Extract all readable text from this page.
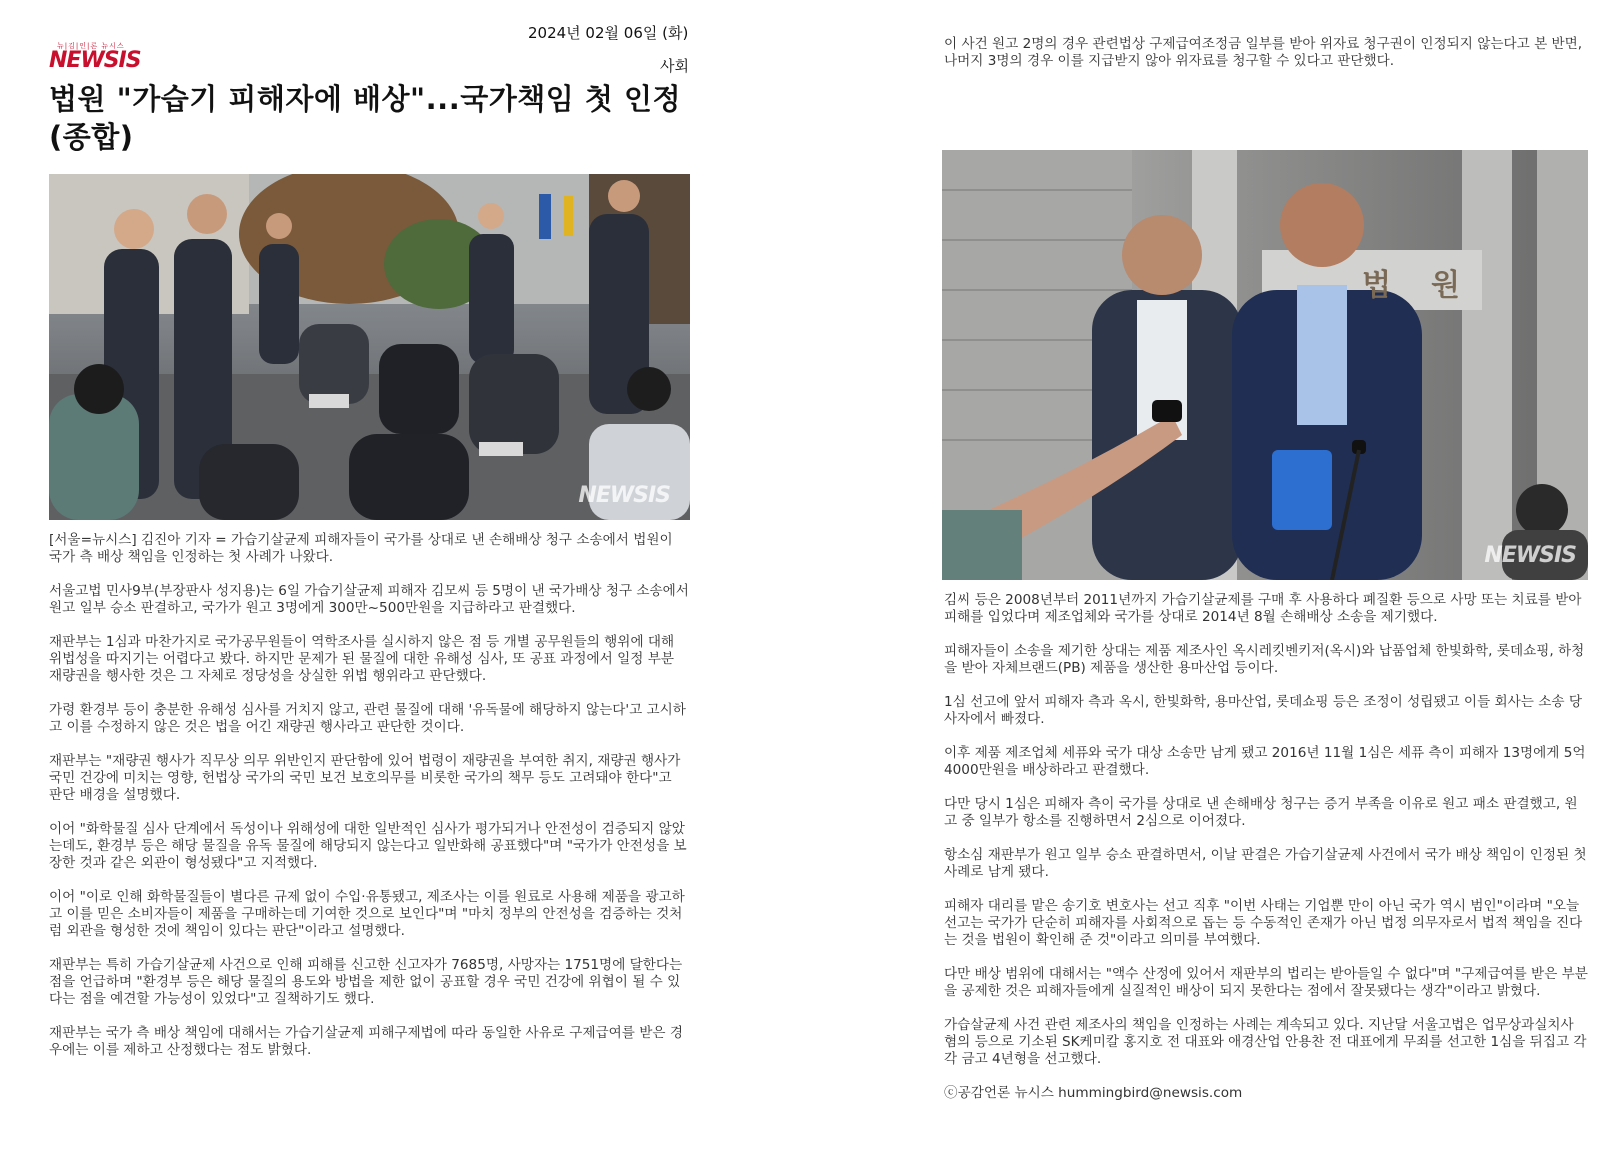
2024년 02월 06일 (화)
사회
뉴|김|인|론 뉴시스
NEWSIS
법원 "가습기 피해자에 배상"...국가책임 첫 인정(종합)
NEWSIS
법원
NEWSIS

[서울=뉴시스] 김진아 기자 = 가습기살균제 피해자들이 국가를 상대로 낸 손해배상 청구 소송에서 법원이 국가 측 배상 책임을 인정하는 첫 사례가 나왔다.

서울고법 민사9부(부장판사 성지용)는 6일 가습기살균제 피해자 김모씨 등 5명이 낸 국가배상 청구 소송에서 원고 일부 승소 판결하고, 국가가 원고 3명에게 300만~500만원을 지급하라고 판결했다.

재판부는 1심과 마찬가지로 국가공무원들이 역학조사를 실시하지 않은 점 등 개별 공무원들의 행위에 대해 위법성을 따지기는 어렵다고 봤다. 하지만 문제가 된 물질에 대한 유해성 심사, 또 공표 과정에서 일정 부분 재량권을 행사한 것은 그 자체로 정당성을 상실한 위법 행위라고 판단했다.

가령 환경부 등이 충분한 유해성 심사를 거치지 않고, 관련 물질에 대해 '유독물에 해당하지 않는다'고 고시하고 이를 수정하지 않은 것은 법을 어긴 재량권 행사라고 판단한 것이다.

재판부는 "재량권 행사가 직무상 의무 위반인지 판단함에 있어 법령이 재량권을 부여한 취지, 재량권 행사가 국민 건강에 미치는 영향, 헌법상 국가의 국민 보건 보호의무를 비롯한 국가의 책무 등도 고려돼야 한다"고 판단 배경을 설명했다.

이어 "화학물질 심사 단계에서 독성이나 위해성에 대한 일반적인 심사가 평가되거나 안전성이 검증되지 않았는데도, 환경부 등은 해당 물질을 유독 물질에 해당되지 않는다고 일반화해 공표했다"며 "국가가 안전성을 보장한 것과 같은 외관이 형성됐다"고 지적했다.

이어 "이로 인해 화학물질들이 별다른 규제 없이 수입·유통됐고, 제조사는 이를 원료로 사용해 제품을 광고하고 이를 믿은 소비자들이 제품을 구매하는데 기여한 것으로 보인다"며 "마치 정부의 안전성을 검증하는 것처럼 외관을 형성한 것에 책임이 있다는 판단"이라고 설명했다.

재판부는 특히 가습기살균제 사건으로 인해 피해를 신고한 신고자가 7685명, 사망자는 1751명에 달한다는 점을 언급하며 "환경부 등은 해당 물질의 용도와 방법을 제한 없이 공표할 경우 국민 건강에 위협이 될 수 있다는 점을 예견할 가능성이 있었다"고 질책하기도 했다.

재판부는 국가 측 배상 책임에 대해서는 가습기살균제 피해구제법에 따라 동일한 사유로 구제급여를 받은 경우에는 이를 제하고 산정했다는 점도 밝혔다.

이 사건 원고 2명의 경우 관련법상 구제급여조정금 일부를 받아 위자료 청구권이 인정되지 않는다고 본 반면, 나머지 3명의 경우 이를 지급받지 않아 위자료를 청구할 수 있다고 판단했다.

김씨 등은 2008년부터 2011년까지 가습기살균제를 구매 후 사용하다 폐질환 등으로 사망 또는 치료를 받아 피해를 입었다며 제조업체와 국가를 상대로 2014년 8월 손해배상 소송을 제기했다.

피해자들이 소송을 제기한 상대는 제품 제조사인 옥시레킷벤키저(옥시)와 납품업체 한빛화학, 롯데쇼핑, 하청을 받아 자체브랜드(PB) 제품을 생산한 용마산업 등이다.

1심 선고에 앞서 피해자 측과 옥시, 한빛화학, 용마산업, 롯데쇼핑 등은 조정이 성립됐고 이들 회사는 소송 당사자에서 빠졌다.

이후 제품 제조업체 세퓨와 국가 대상 소송만 남게 됐고 2016년 11월 1심은 세퓨 측이 피해자 13명에게 5억4000만원을 배상하라고 판결했다.

다만 당시 1심은 피해자 측이 국가를 상대로 낸 손해배상 청구는 증거 부족을 이유로 원고 패소 판결했고, 원고 중 일부가 항소를 진행하면서 2심으로 이어졌다.

항소심 재판부가 원고 일부 승소 판결하면서, 이날 판결은 가습기살균제 사건에서 국가 배상 책임이 인정된 첫 사례로 남게 됐다.

피해자 대리를 맡은 송기호 변호사는 선고 직후 "이번 사태는 기업뿐 만이 아닌 국가 역시 범인"이라며 "오늘 선고는 국가가 단순히 피해자를 사회적으로 돕는 등 수동적인 존재가 아닌 법정 의무자로서 법적 책임을 진다는 것을 법원이 확인해 준 것"이라고 의미를 부여했다.

다만 배상 범위에 대해서는 "액수 산정에 있어서 재판부의 법리는 받아들일 수 없다"며 "구제급여를 받은 부분을 공제한 것은 피해자들에게 실질적인 배상이 되지 못한다는 점에서 잘못됐다는 생각"이라고 밝혔다.

가습살균제 사건 관련 제조사의 책임을 인정하는 사례는 계속되고 있다. 지난달 서울고법은 업무상과실치사 혐의 등으로 기소된 SK케미칼 홍지호 전 대표와 애경산업 안용찬 전 대표에게 무죄를 선고한 1심을 뒤집고 각각 금고 4년형을 선고했다.

ⓒ공감언론 뉴시스 hummingbird@newsis.com
